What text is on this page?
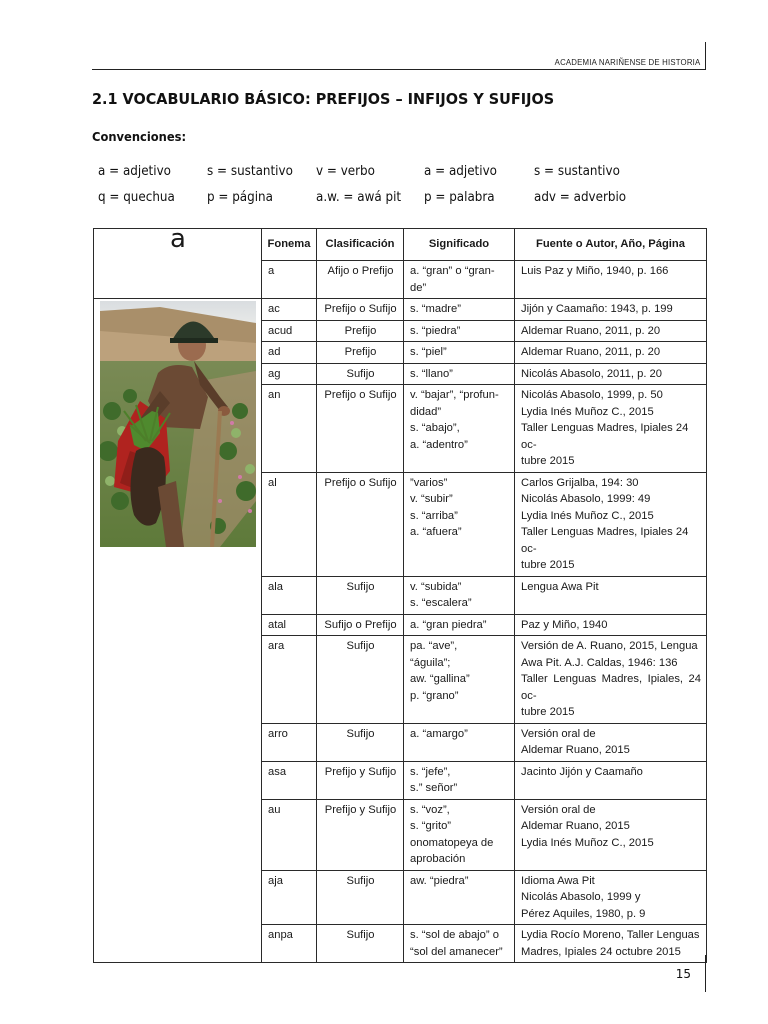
ACADEMIA NARIÑENSE DE HISTORIA
2.1 VOCABULARIO BÁSICO: PREFIJOS – INFIJOS Y SUFIJOS
Convenciones:
a = adjetivo	s = sustantivo v = verbo	a = adjetivo	s = sustantivo
q = quechua p = página	a.w. = awá pit p = palabra	adv = adverbio
a	Fonema	Clasificación	Significado	Fuente o Autor, Año, Página
	a	Afijo o Prefijo	a. “gran” o “gran-
de”	Luis Paz y Miño, 1940, p. 166

	ac	Prefijo o Sufijo	s. “madre”	Jijón y Caamaño: 1943, p. 199

	acud	Prefijo	s. “piedra”	Aldemar Ruano, 2011, p. 20

	ad	Prefijo	s. “piel”	Aldemar Ruano, 2011, p. 20

	ag	Sufijo	s. “llano”	Nicolás Abasolo, 2011, p. 20

	an	Prefijo o Sufijo	v. “bajar”, “profun-
didad”
s. “abajo”,
a. “adentro”	Nicolás Abasolo, 1999, p. 50
Lydia Inés Muñoz C., 2015
Taller Lenguas Madres, Ipiales 24 oc-
tubre 2015

	al	Prefijo o Sufijo	”varios”
v. “subir”
s. “arriba”
a. “afuera”	Carlos Grijalba, 194: 30
Nicolás Abasolo, 1999: 49
Lydia Inés Muñoz C., 2015
Taller Lenguas Madres, Ipiales 24 oc-
tubre 2015

	ala	Sufijo	v. “subida”
s. “escalera”	Lengua Awa Pit

	atal	Sufijo o Prefijo	a. “gran piedra”	Paz y Miño, 1940

	ara	Sufijo	pa. “ave”,
“águila”;
aw. “gallina”
p. “grano”	Versión de A. Ruano, 2015, Lengua
Awa Pit. A.J. Caldas, 1946: 136
Taller Lenguas Madres, Ipiales, 24 oc-
tubre 2015

	arro	Sufijo	a. “amargo”	Versión oral de
Aldemar Ruano, 2015

	asa	Prefijo y Sufijo	s. “jefe”,
s.” señor”	Jacinto Jijón y Caamaño

	au	Prefijo y Sufijo	s. “voz”,
s. “grito”
onomatopeya de
aprobación	Versión oral de
Aldemar Ruano, 2015
Lydia Inés Muñoz C., 2015

	aja	Sufijo	aw. “piedra”	Idioma Awa Pit
Nicolás Abasolo, 1999 y
Pérez Aquiles, 1980, p. 9

	anpa	Sufijo	s. “sol de abajo” o
“sol del amanecer”	Lydia Rocío Moreno, Taller Lenguas
Madres, Ipiales 24 octubre 2015
15
